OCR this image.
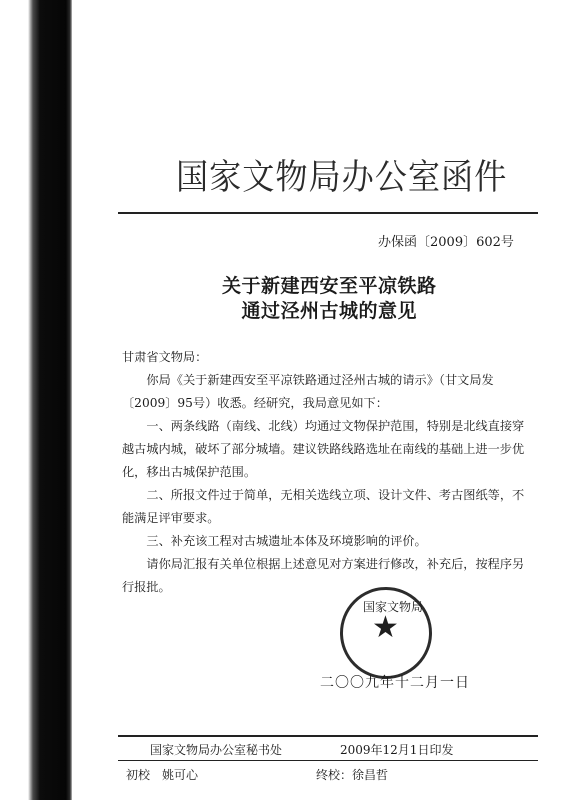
国家文物局办公室函件
办保函〔2009〕602号
关于新建西安至平凉铁路
通过泾州古城的意见

甘肃省文物局：

你局《关于新建西安至平凉铁路通过泾州古城的请示》（甘文局发〔2009〕95号）收悉。经研究，我局意见如下：

一、两条线路（南线、北线）均通过文物保护范围，特别是北线直接穿越古城内城，破坏了部分城墙。建议铁路线路选址在南线的基础上进一步优化，移出古城保护范围。

二、所报文件过于简单，无相关选线立项、设计文件、考古图纸等，不能满足评审要求。

三、补充该工程对古城遗址本体及环境影响的评价。

请你局汇报有关单位根据上述意见对方案进行修改，补充后，按程序另行报批。

国家文物局
★
二〇〇九年十二月一日
国家文物局办公室秘书处	2009年12月1日印发
初校　姚可心	终校：徐昌哲
